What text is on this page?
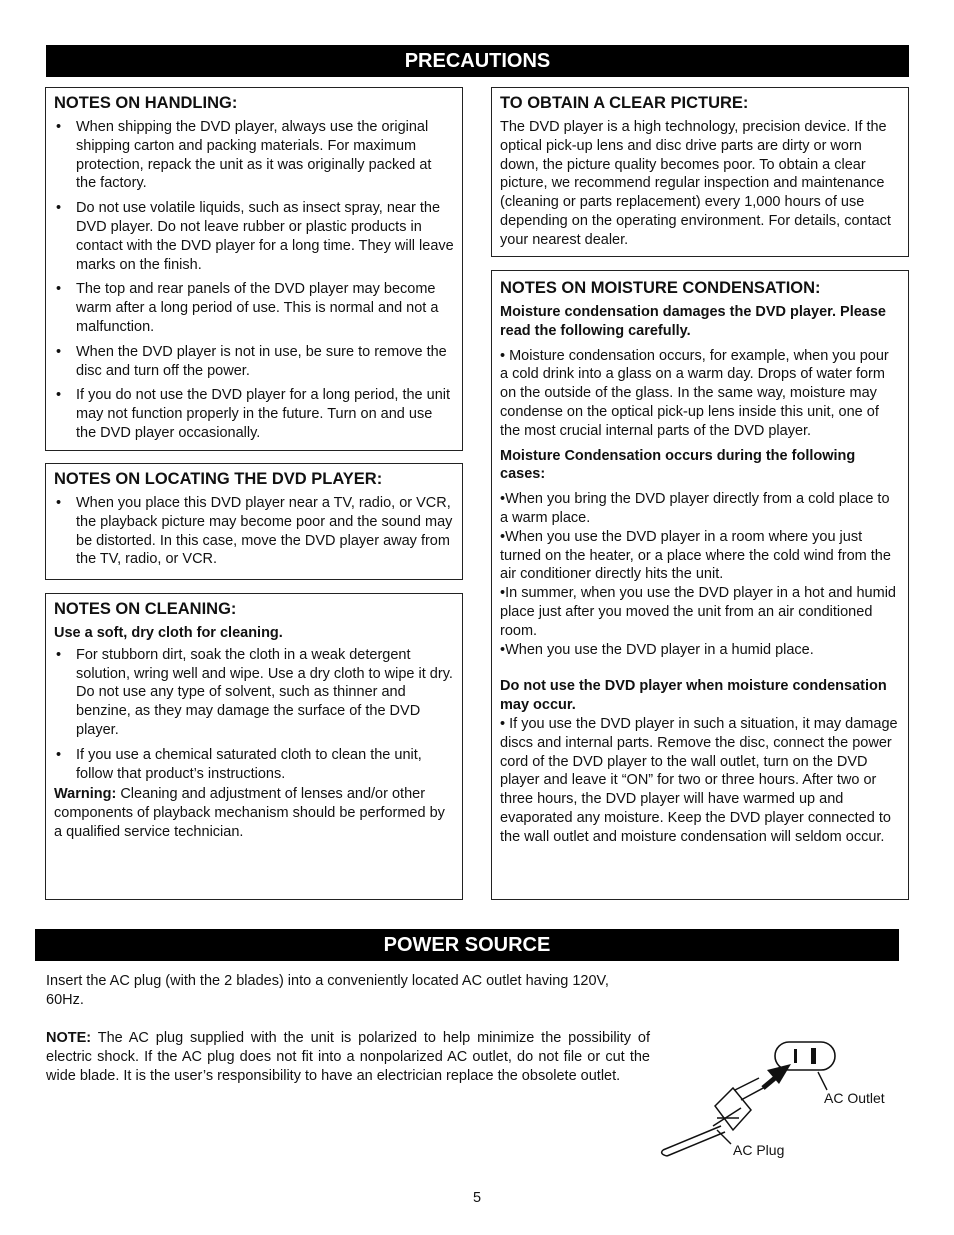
PRECAUTIONS
NOTES ON HANDLING:
• When shipping the DVD player, always use the original shipping carton and packing materials. For maximum protection, repack the unit as it was originally packed at the factory.
• Do not use volatile liquids, such as insect spray, near the DVD player. Do not leave rubber or plastic products in contact with the DVD player for a long time. They will leave marks on the finish.
• The top and rear panels of the DVD player may become warm after a long period of use. This is normal and not a malfunction.
• When the DVD player is not in use, be sure to remove the disc and turn off the power.
• If you do not use the DVD player for a long period, the unit may not function properly in the future. Turn on and use the DVD player occasionally.
NOTES ON LOCATING THE DVD PLAYER:
• When you place this DVD player near a TV, radio, or VCR, the playback picture may become poor and the sound may be distorted. In this case, move the DVD player away from the TV, radio, or VCR.
NOTES ON CLEANING:

Use a soft, dry cloth for cleaning.

• For stubborn dirt, soak the cloth in a weak detergent solution, wring well and wipe. Use a dry cloth to wipe it dry. Do not use any type of solvent, such as thinner and benzine, as they may damage the surface of the DVD player.
• If you use a chemical saturated cloth to clean the unit, follow that product’s instructions.

Warning: Cleaning and adjustment of lenses and/or other components of playback mechanism should be performed by a qualified service technician.

TO OBTAIN A CLEAR PICTURE:

The DVD player is a high technology, precision device. If the optical pick-up lens and disc drive parts are dirty or worn down, the picture quality becomes poor. To obtain a clear picture, we recommend regular inspection and maintenance (cleaning or parts replacement) every 1,000 hours of use depending on the operating environment. For details, contact your nearest dealer.

NOTES ON MOISTURE CONDENSATION:

Moisture condensation damages the DVD player. Please read the following carefully.

• Moisture condensation occurs, for example, when you pour a cold drink into a glass on a warm day. Drops of water form on the outside of the glass. In the same way, moisture may condense on the optical pick-up lens inside this unit, one of the most crucial internal parts of the DVD player.

Moisture Condensation occurs during the following cases:

•When you bring the DVD player directly from a cold place to a warm place.
•When you use the DVD player in a room where you just turned on the heater, or a place where the cold wind from the air conditioner directly hits the unit.
•In summer, when you use the DVD player in a hot and humid place just after you moved the unit from an air conditioned room.
•When you use the DVD player in a humid place.

Do not use the DVD player when moisture condensation may occur.

• If you use the DVD player in such a situation, it may damage discs and internal parts. Remove the disc, connect the power cord of the DVD player to the wall outlet, turn on the DVD player and leave it “ON” for two or three hours. After two or three hours, the DVD player will have warmed up and evaporated any moisture. Keep the DVD player connected to the wall outlet and moisture condensation will seldom occur.

POWER SOURCE
Insert the AC plug (with the 2 blades) into a conveniently located AC outlet having 120V, 60Hz.
NOTE: The AC plug supplied with the unit is polarized to help minimize the possibility of electric shock. If the AC plug does not fit into a nonpolarized AC outlet, do not file or cut the wide blade. It is the user’s responsibility to have an electrician replace the obsolete outlet.
AC Outlet
AC Plug
5
